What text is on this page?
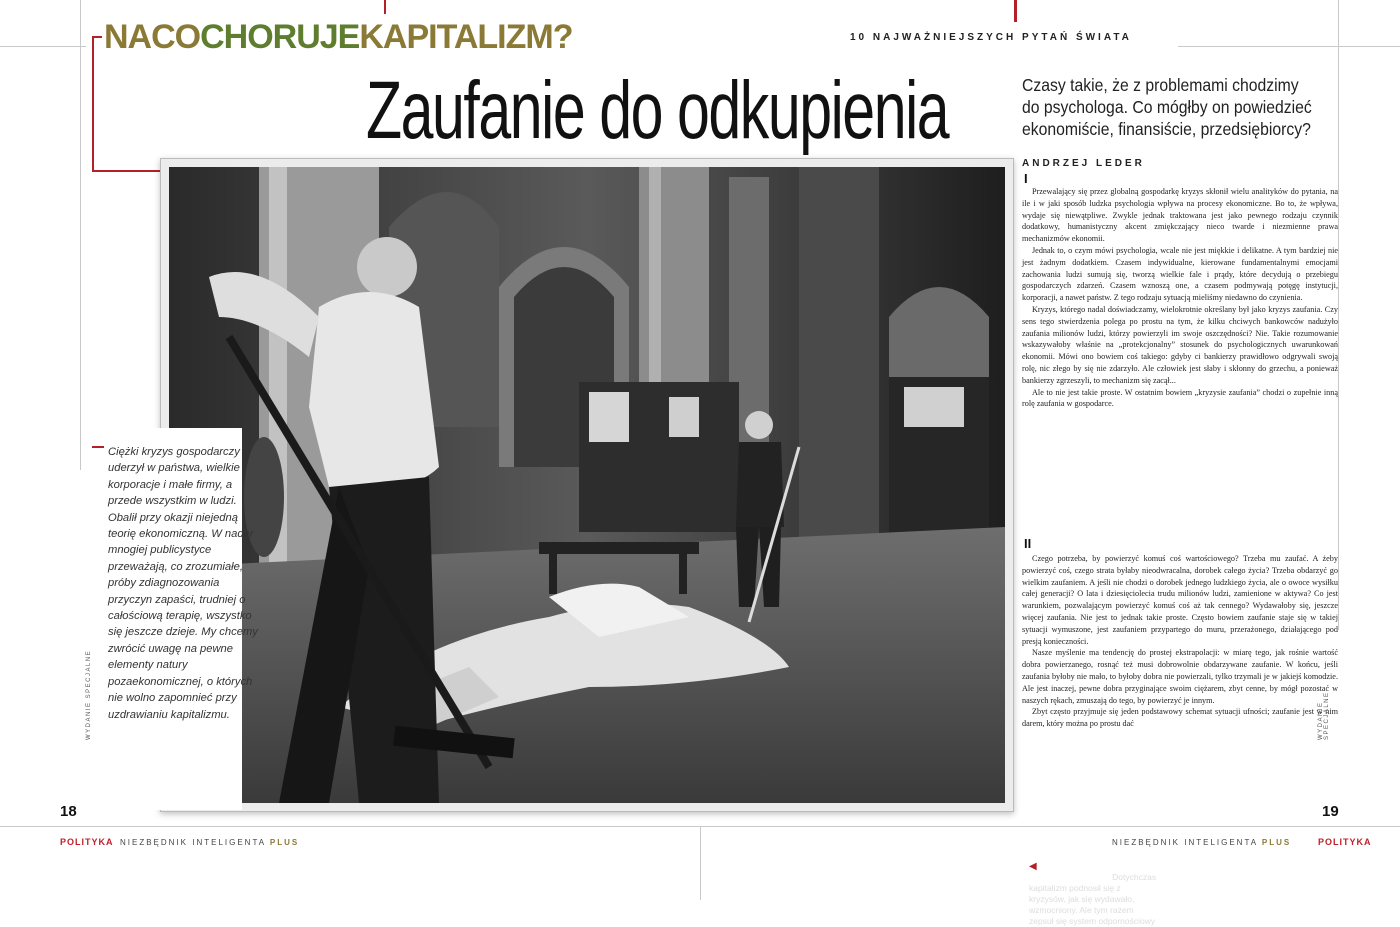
NACOCHORUJEKAPITALIZM?	10 NAJWAŻNIEJSZYCH PYTAŃ ŚWIATA
Zaufanie do odkupienia	Czasy takie, że z problemami chodzimy do psychologa. Co mógłby on powiedzieć ekonomiście, finansiście, przedsiębiorcy?
ANDRZEJ LEDER
◀ Sprzątanie siedziby Giełdy Londyńskiej, 1913 r. Dotychczas kapitalizm podnosił się z kryzysów, jak się wydawało, wzmocniony. Ale tym razem zepsuł się system odpornościowy
Ciężki kryzys gospodarczy uderzył w państwa, wielkie korporacje i małe firmy, a przede wszystkim w ludzi. Obalił przy okazji niejedną teorię ekonomiczną. W nader mnogiej publicystyce przeważają, co zrozumiałe, próby zdiagnozowania przyczyn zapaści, trudniej o całościową terapię, wszystko się jeszcze dzieje. My chcemy zwrócić uwagę na pewne elementy natury pozaekonomicznej, o których nie wolno zapomnieć przy uzdrawianiu kapitalizmu.
I

Przewalający się przez globalną gospodarkę kryzys skłonił wielu analityków do pytania, na ile i w jaki sposób ludzka psychologia wpływa na procesy ekonomiczne. Bo to, że wpływa, wydaje się niewątpliwe. Zwykle jednak traktowana jest jako pewnego rodzaju czynnik dodatkowy, humanistyczny akcent zmiękczający nieco twarde i niezmienne prawa mechanizmów ekonomii.

Jednak to, o czym mówi psychologia, wcale nie jest miękkie i delikatne. A tym bardziej nie jest żadnym dodatkiem. Czasem indywidualne, kierowane fundamentalnymi emocjami zachowania ludzi sumują się, tworzą wielkie fale i prądy, które decydują o przebiegu gospodarczych zdarzeń. Czasem wznoszą one, a czasem podmywają potęgę instytucji, korporacji, a nawet państw. Z tego rodzaju sytuacją mieliśmy niedawno do czynienia.

Kryzys, którego nadal doświadczamy, wielokrotnie określany był jako kryzys zaufania. Czy sens tego stwierdzenia polega po prostu na tym, że kilku chciwych bankowców nadużyło zaufania milionów ludzi, którzy powierzyli im swoje oszczędności? Nie. Takie rozumowanie wskazywałoby właśnie na „protekcjonalny” stosunek do psychologicznych uwarunkowań ekonomii. Mówi ono bowiem coś takiego: gdyby ci bankierzy prawidłowo odgrywali swoją rolę, nic złego by się nie zdarzyło. Ale człowiek jest słaby i skłonny do grzechu, a ponieważ bankierzy zgrzeszyli, to mechanizm się zacął...

Ale to nie jest takie proste. W ostatnim bowiem „kryzysie zaufania” chodzi o zupełnie inną rolę zaufania w gospodarce.

II

Czego potrzeba, by powierzyć komuś coś wartościowego? Trzeba mu zaufać. A żeby powierzyć coś, czego strata byłaby nieodwracalna, dorobek całego życia? Trzeba obdarzyć go wielkim zaufaniem. A jeśli nie chodzi o dorobek jednego ludzkiego życia, ale o owoce wysiłku całej generacji? O lata i dziesięciolecia trudu milionów ludzi, zamienione w aktywa? Co jest warunkiem, pozwalającym powierzyć komuś coś aż tak cennego? Wydawałoby się, jeszcze więcej zaufania. Nie jest to jednak takie proste. Często bowiem zaufanie staje się w takiej sytuacji wymuszone, jest zaufaniem przypartego do muru, przerażonego, działającego pod presją konieczności.

Nasze myślenie ma tendencję do prostej ekstrapolacji: w miarę tego, jak rośnie wartość dobra powierzanego, rosnąć też musi dobrowolnie obdarzywane zaufanie. W końcu, jeśli zaufania byłoby nie mało, to byłoby dobra nie powierzali, tylko trzymali je w jakiejś komodzie. Ale jest inaczej, pewne dobra przyginające swoim ciężarem, zbyt cenne, by mógł pozostać w naszych rękach, zmuszają do tego, by powierzyć je innym.

Zbyt często przyjmuje się jeden podstawowy schemat sytuacji ufności; zaufanie jest w nim darem, który można po prostu dać

WYDANIE SPECJALNE	WYDANIE SPECJALNE
18	19
POLITYKA NIEZBĘDNIK INTELIGENTA PLUS	NIEZBĘDNIK INTELIGENTA PLUS	POLITYKA
